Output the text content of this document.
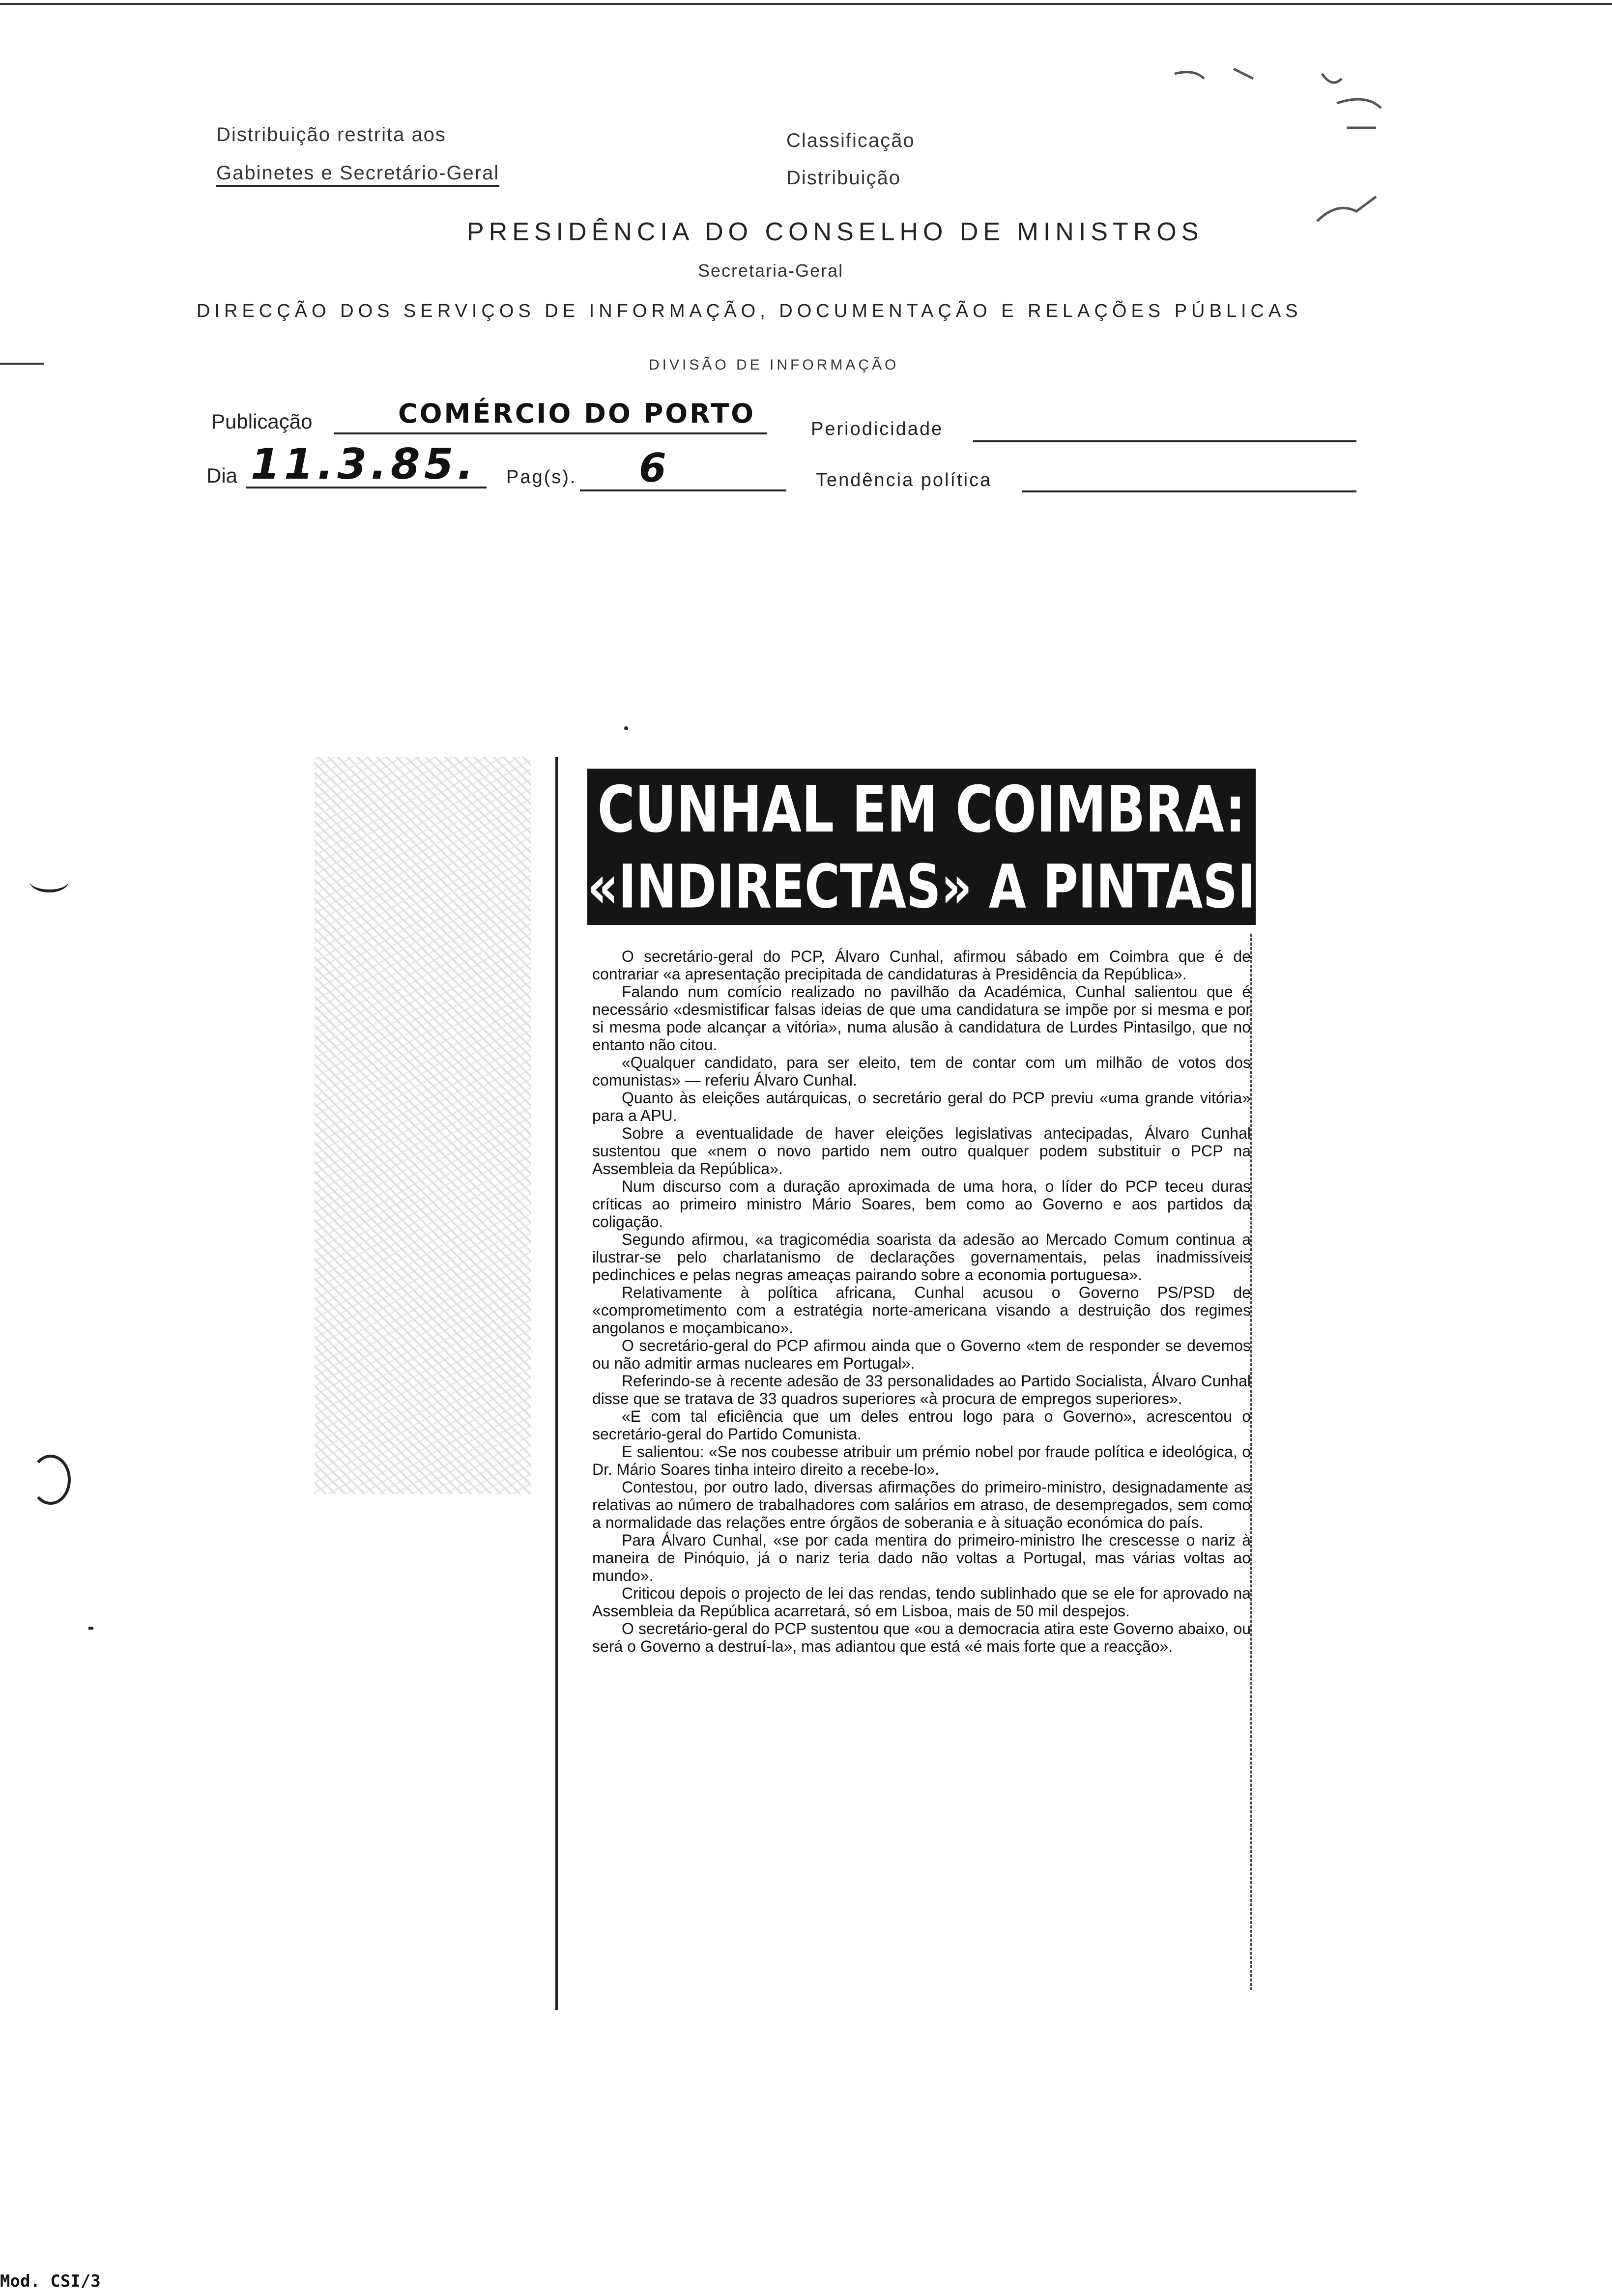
Distribuição restrita aos
Gabinetes e Secretário-Geral
Classificação
Distribuição
PRESIDÊNCIA DO CONSELHO DE MINISTROS
Secretaria-Geral
DIRECÇÃO DOS SERVIÇOS DE INFORMAÇÃO, DOCUMENTAÇÃO E RELAÇÕES PÚBLICAS
DIVISÃO DE INFORMAÇÃO
Publicação	COMÉRCIO DO PORTO	Periodicidade
Dia 11.3.85. Pag(s). 6	Tendência política
CUNHAL EM COIMBRA:
«INDIRECTAS» A PINTASILGO

O secretário-geral do PCP, Álvaro Cunhal, afirmou sábado em Coimbra que é de contrariar «a apresentação precipitada de candidaturas à Presidência da República».

Falando num comício realizado no pavilhão da Académica, Cunhal salientou que é necessário «desmistificar falsas ideias de que uma candidatura se impõe por si mesma e por si mesma pode alcançar a vitória», numa alusão à candidatura de Lurdes Pintasilgo, que no entanto não citou.

«Qualquer candidato, para ser eleito, tem de contar com um milhão de votos dos comunistas» — referiu Álvaro Cunhal.

Quanto às eleições autárquicas, o secretário geral do PCP previu «uma grande vitória» para a APU.

Sobre a eventualidade de haver eleições legislativas antecipadas, Álvaro Cunhal sustentou que «nem o novo partido nem outro qualquer podem substituir o PCP na Assembleia da República».

Num discurso com a duração aproximada de uma hora, o líder do PCP teceu duras críticas ao primeiro ministro Mário Soares, bem como ao Governo e aos partidos da coligação.

Segundo afirmou, «a tragicomédia soarista da adesão ao Mercado Comum continua a ilustrar-se pelo charlatanismo de declarações governamentais, pelas inadmissíveis pedinchices e pelas negras ameaças pairando sobre a economia portuguesa».

Relativamente à política africana, Cunhal acusou o Governo PS/PSD de «comprometimento com a estratégia norte-americana visando a destruição dos regimes angolanos e moçambicano».

O secretário-geral do PCP afirmou ainda que o Governo «tem de responder se devemos ou não admitir armas nucleares em Portugal».

Referindo-se à recente adesão de 33 personalidades ao Partido Socialista, Álvaro Cunhal disse que se tratava de 33 quadros superiores «à procura de empregos superiores».

«E com tal eficiência que um deles entrou logo para o Governo», acrescentou o secretário-geral do Partido Comunista.

E salientou: «Se nos coubesse atribuir um prémio nobel por fraude política e ideológica, o Dr. Mário Soares tinha inteiro direito a recebe-lo».

Contestou, por outro lado, diversas afirmações do primeiro-ministro, designadamente as relativas ao número de trabalhadores com salários em atraso, de desempregados, sem como a normalidade das relações entre órgãos de soberania e à situação económica do país.

Para Álvaro Cunhal, «se por cada mentira do primeiro-ministro lhe crescesse o nariz à maneira de Pinóquio, já o nariz teria dado não voltas a Portugal, mas várias voltas ao mundo».

Criticou depois o projecto de lei das rendas, tendo sublinhado que se ele for aprovado na Assembleia da República acarretará, só em Lisboa, mais de 50 mil despejos.

O secretário-geral do PCP sustentou que «ou a democracia atira este Governo abaixo, ou será o Governo a destruí-la», mas adiantou que está «é mais forte que a reacção».

Mod. CSI/3
